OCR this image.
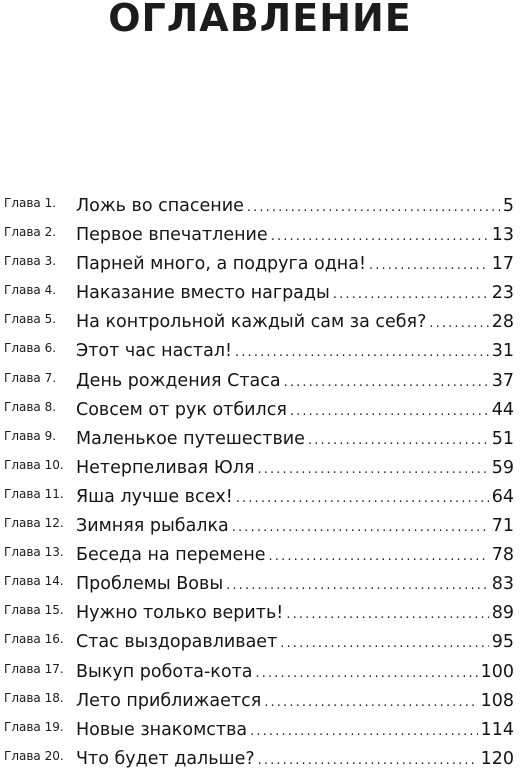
ОГЛАВЛЕНИЕ
Глава 1. Ложь во спасение . . .	5
Глава 2. Первое впечатление . . .	13
Глава 3. Парней много, а подруга одна! . . .	17
Глава 4. Наказание вместо награды . . .	23
Глава 5. На контрольной каждый сам за себя? . . .	28
Глава 6. Этот час настал! . . .	31
Глава 7. День рождения Стаса . . .	37
Глава 8. Совсем от рук отбился . . .	44
Глава 9. Маленькое путешествие . . .	51
Глава 10. Нетерпеливая Юля . . .	59
Глава 11. Яша лучше всех! . . .	64
Глава 12. Зимняя рыбалка . . .	71
Глава 13. Беседа на перемене . . .	78
Глава 14. Проблемы Вовы . . .	83
Глава 15. Нужно только верить! . . .	89
Глава 16. Стас выздоравливает . . .	95
Глава 17. Выкуп робота-кота . . .	100
Глава 18. Лето приближается . . .	108
Глава 19. Новые знакомства . . .	114
Глава 20. Что будет дальше? . . .	120
